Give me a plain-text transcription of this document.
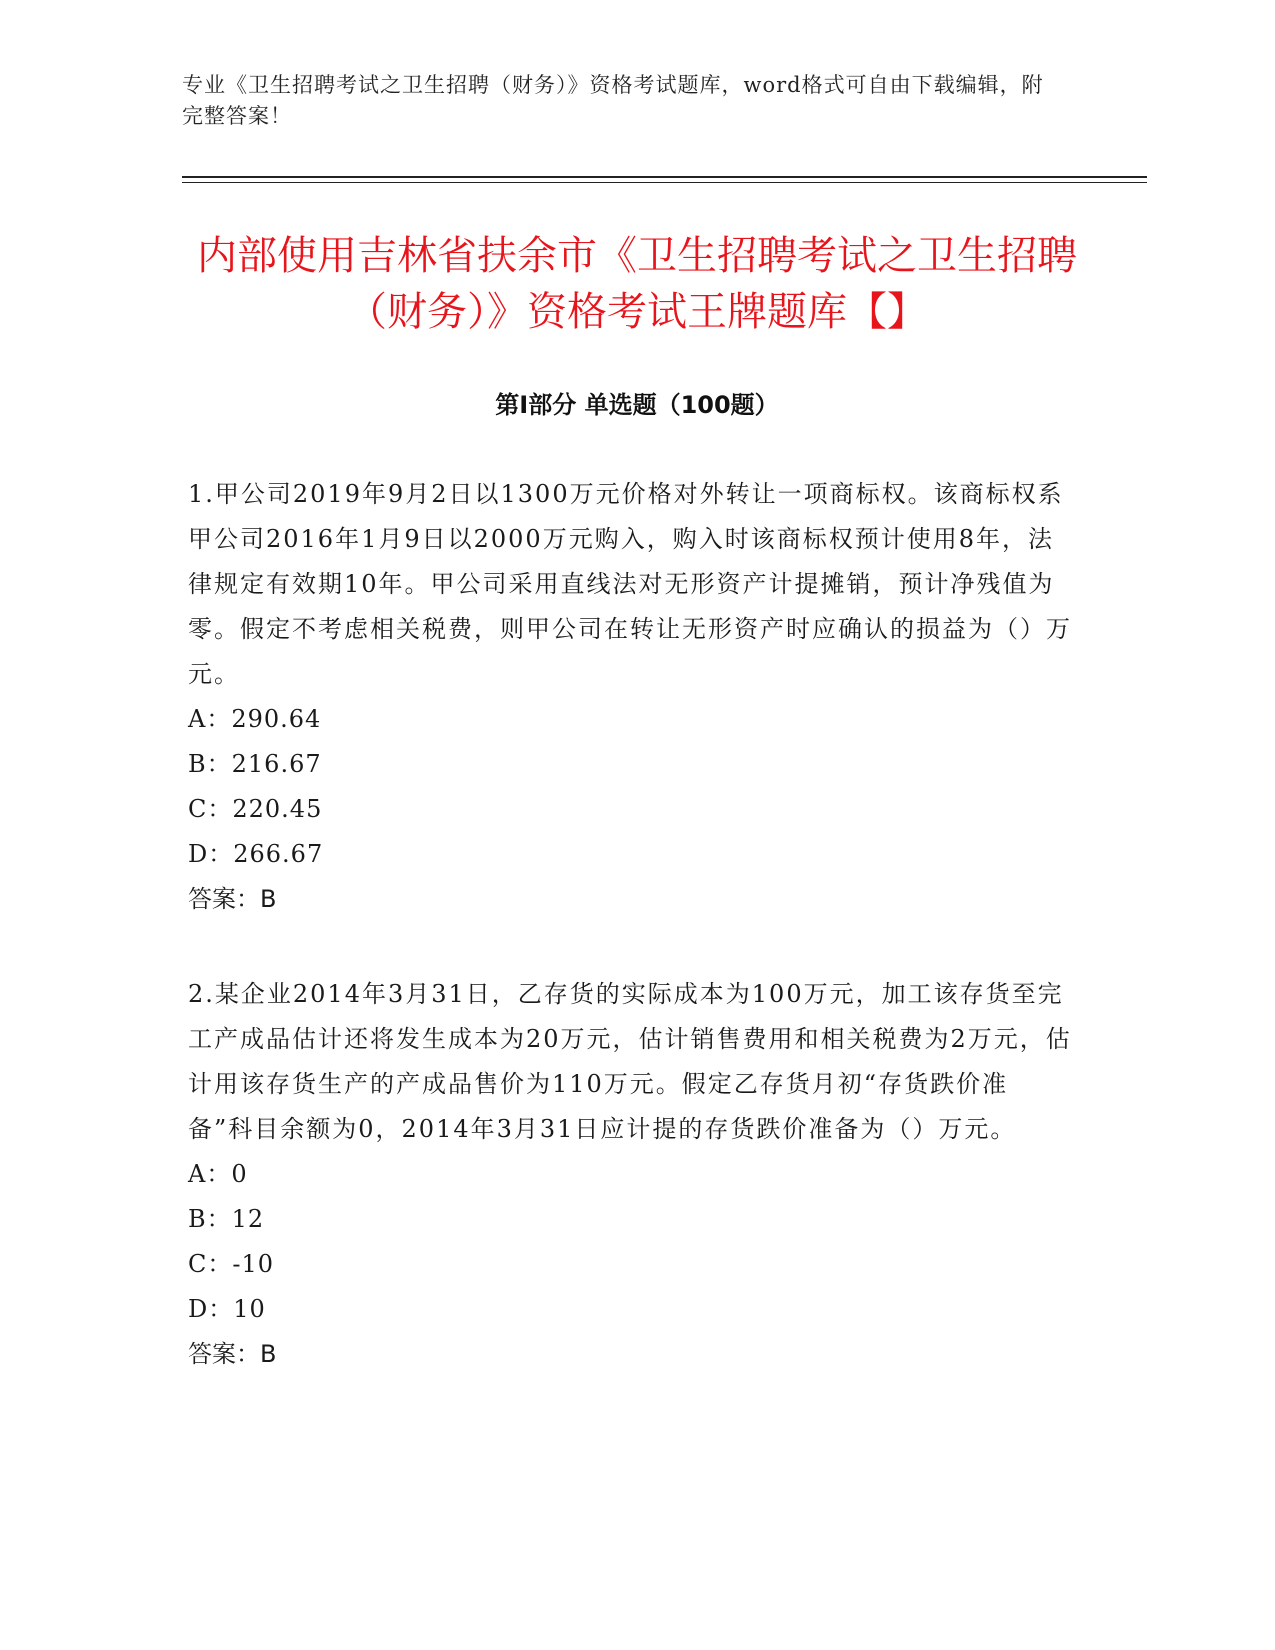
专业《卫生招聘考试之卫生招聘（财务）》资格考试题库，word格式可自由下载编辑，附完整答案！
内部使用吉林省扶余市《卫生招聘考试之卫生招聘（财务）》资格考试王牌题库【】
第I部分 单选题（100题）

1.甲公司2019年9月2日以1300万元价格对外转让一项商标权。该商标权系甲公司2016年1月9日以2000万元购入，购入时该商标权预计使用8年，法律规定有效期10年。甲公司采用直线法对无形资产计提摊销，预计净残值为零。假定不考虑相关税费，则甲公司在转让无形资产时应确认的损益为（）万元。

A：290.64

B：216.67

C：220.45

D：266.67

答案：B

2.某企业2014年3月31日，乙存货的实际成本为100万元，加工该存货至完工产成品估计还将发生成本为20万元，估计销售费用和相关税费为2万元，估计用该存货生产的产成品售价为110万元。假定乙存货月初“存货跌价准备”科目余额为0，2014年3月31日应计提的存货跌价准备为（）万元。

A：0

B：12

C：-10

D：10

答案：B
